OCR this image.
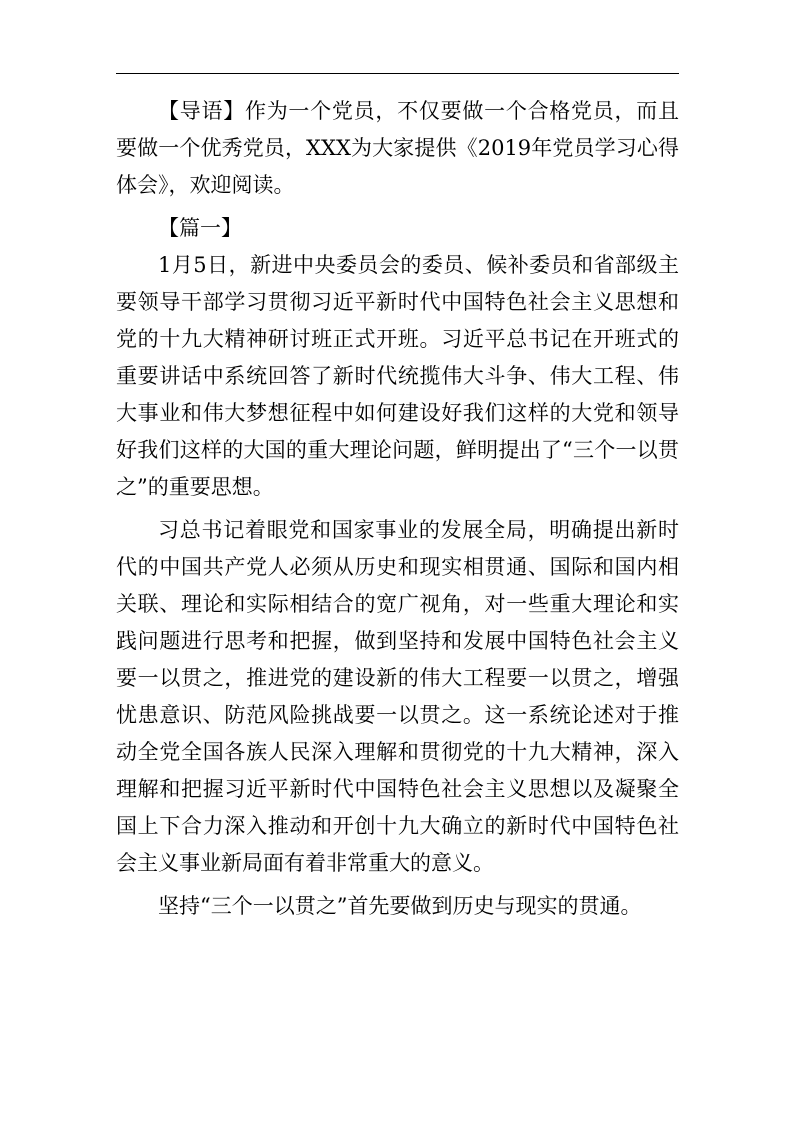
【导语】作为一个党员，不仅要做一个合格党员，而且要做一个优秀党员，XXX为大家提供《2019年党员学习心得体会》，欢迎阅读。

【篇一】

1月5日，新进中央委员会的委员、候补委员和省部级主要领导干部学习贯彻习近平新时代中国特色社会主义思想和党的十九大精神研讨班正式开班。习近平总书记在开班式的重要讲话中系统回答了新时代统揽伟大斗争、伟大工程、伟大事业和伟大梦想征程中如何建设好我们这样的大党和领导好我们这样的大国的重大理论问题，鲜明提出了“三个一以贯之”的重要思想。

习总书记着眼党和国家事业的发展全局，明确提出新时代的中国共产党人必须从历史和现实相贯通、国际和国内相关联、理论和实际相结合的宽广视角，对一些重大理论和实践问题进行思考和把握，做到坚持和发展中国特色社会主义要一以贯之，推进党的建设新的伟大工程要一以贯之，增强忧患意识、防范风险挑战要一以贯之。这一系统论述对于推动全党全国各族人民深入理解和贯彻党的十九大精神，深入理解和把握习近平新时代中国特色社会主义思想以及凝聚全国上下合力深入推动和开创十九大确立的新时代中国特色社会主义事业新局面有着非常重大的意义。

坚持“三个一以贯之”首先要做到历史与现实的贯通。
